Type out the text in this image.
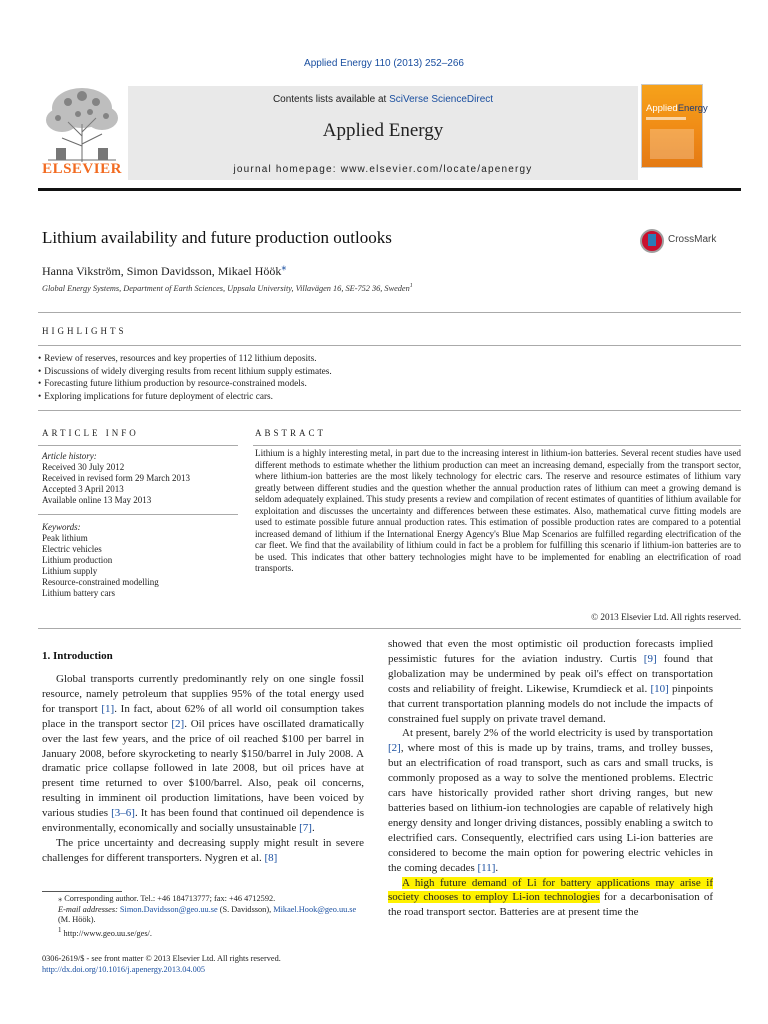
Applied Energy 110 (2013) 252–266
ELSEVIER
Contents lists available at SciVerse ScienceDirect
Applied Energy
journal homepage: www.elsevier.com/locate/apenergy
AppliedEnergy
Lithium availability and future production outlooks	CrossMark
Hanna Vikström, Simon Davidsson, Mikael Höök⁎
Global Energy Systems, Department of Earth Sciences, Uppsala University, Villavägen 16, SE-752 36, Sweden$^1$
HIGHLIGHTS
• Review of reserves, resources and key properties of 112 lithium deposits.
• Discussions of widely diverging results from recent lithium supply estimates.
• Forecasting future lithium production by resource-constrained models.
• Exploring implications for future deployment of electric cars.
ARTICLE INFO	ABSTRACT
Article history:
Received 30 July 2012
Received in revised form 29 March 2013
Accepted 3 April 2013
Available online 13 May 2013
Keywords:
Peak lithium
Electric vehicles
Lithium production
Lithium supply
Resource-constrained modelling
Lithium battery cars
Lithium is a highly interesting metal, in part due to the increasing interest in lithium-ion batteries. Several recent studies have used different methods to estimate whether the lithium production can meet an increasing demand, especially from the transport sector, where lithium-ion batteries are the most likely technology for electric cars. The reserve and resource estimates of lithium vary greatly between different studies and the question whether the annual production rates of lithium can meet a growing demand is seldom adequately explained. This study presents a review and compilation of recent estimates of quantities of lithium available for exploitation and discusses the uncertainty and differences between these estimates. Also, mathematical curve fitting models are used to estimate possible future annual production rates. This estimation of possible production rates are compared to a potential increased demand of lithium if the International Energy Agency's Blue Map Scenarios are fulfilled regarding electrification of the car fleet. We find that the availability of lithium could in fact be a problem for fulfilling this scenario if lithium-ion batteries are to be used. This indicates that other battery technologies might have to be implemented for enabling an electrification of road transports.
© 2013 Elsevier Ltd. All rights reserved.
1. Introduction

Global transports currently predominantly rely on one single fossil resource, namely petroleum that supplies 95% of the total energy used for transport [1]. In fact, about 62% of all world oil consumption takes place in the transport sector [2]. Oil prices have oscillated dramatically over the last few years, and the price of oil reached $100 per barrel in January 2008, before skyrocketing to nearly $150/barrel in July 2008. A dramatic price collapse followed in late 2008, but oil prices have at present time returned to over $100/barrel. Also, peak oil concerns, resulting in imminent oil production limitations, have been voiced by various studies [3–6]. It has been found that continued oil dependence is environmentally, economically and socially unsustainable [7].

The price uncertainty and decreasing supply might result in severe challenges for different transporters. Nygren et al. [8]

showed that even the most optimistic oil production forecasts implied pessimistic futures for the aviation industry. Curtis [9] found that globalization may be undermined by peak oil's effect on transportation costs and reliability of freight. Likewise, Krumdieck et al. [10] pinpoints that current transportation planning models do not include the impacts of constrained fuel supply on private travel demand.

At present, barely 2% of the world electricity is used by transportation [2], where most of this is made up by trains, trams, and trolley busses, but an electrification of road transport, such as cars and small trucks, is commonly proposed as a way to solve the mentioned problems. Electric cars have historically provided rather short driving ranges, but new batteries based on lithium-ion technologies are capable of relatively high energy density and longer driving distances, possibly enabling a switch to electrified cars. Consequently, electrified cars using Li-ion batteries are considered to become the main option for powering electric vehicles in the coming decades [11].

A high future demand of Li for battery applications may arise if society chooses to employ Li-ion technologies for a decarbonisation of the road transport sector. Batteries are at present time the

⁎ Corresponding author. Tel.: +46 184713777; fax: +46 4712592.
E-mail addresses: Simon.Davidsson@geo.uu.se (S. Davidsson), Mikael.Hook@geo.uu.se (M. Höök).
$^1$ http://www.geo.uu.se/ges/.
0306-2619/$ - see front matter © 2013 Elsevier Ltd. All rights reserved.
http://dx.doi.org/10.1016/j.apenergy.2013.04.005
